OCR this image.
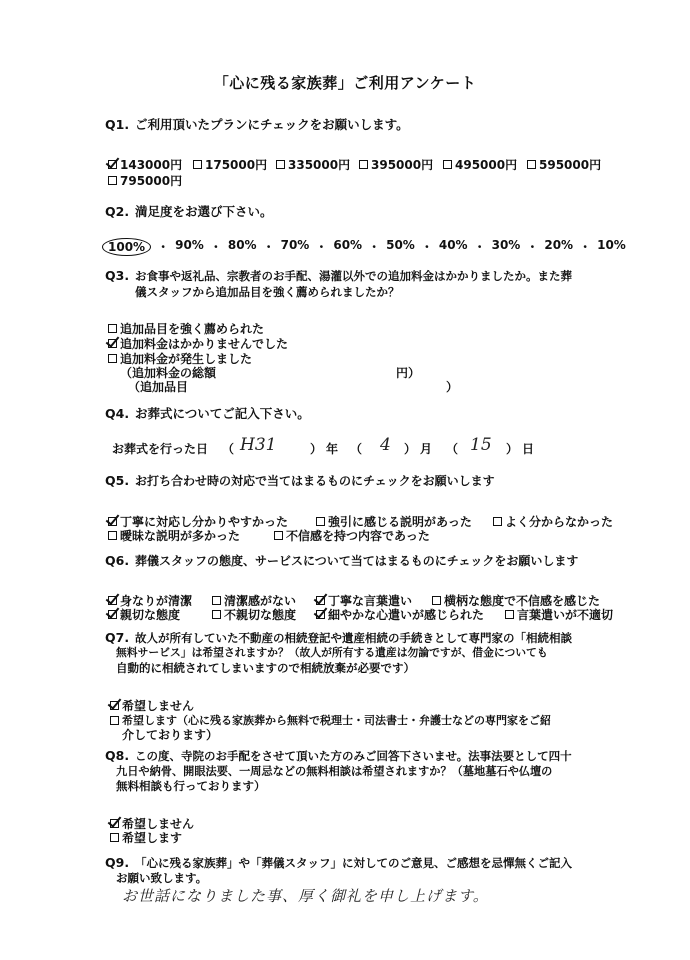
「心に残る家族葬」ご利用アンケート
Q1. ご利用頂いたプランにチェックをお願いします。
143000円 175000円 335000円 395000円 495000円 595000円
795000円
Q2. 満足度をお選び下さい。
100%	・ 90% ・ 80% ・ 70% ・ 60% ・ 50% ・ 40% ・ 30% ・ 20% ・ 10%
Q3. お食事や返礼品、宗教者のお手配、湯灌以外での追加料金はかかりましたか。また葬
儀スタッフから追加品目を強く薦められましたか？
追加品目を強く薦められた
追加料金はかかりませんでした
追加料金が発生しました
（追加料金の総額	円）
（追加品目	）
Q4. お葬式についてご記入下さい。
お葬式を行った日 （ H31	） 年 （ 4 ） 月 （ 15 ） 日
Q5. お打ち合わせ時の対応で当てはまるものにチェックをお願いします
丁寧に対応し分かりやすかった	強引に感じる説明があった	よく分からなかった
曖昧な説明が多かった	不信感を持つ内容であった
Q6. 葬儀スタッフの態度、サービスについて当てはまるものにチェックをお願いします
身なりが清潔	清潔感がない	丁寧な言葉遣い	横柄な態度で不信感を感じた
親切な態度	不親切な態度	細やかな心遣いが感じられた	言葉遣いが不適切
Q7. 故人が所有していた不動産の相続登記や遺産相続の手続きとして専門家の「相続相談
無料サービス」は希望されますか？（故人が所有する遺産は勿論ですが、借金についても
自動的に相続されてしまいますので相続放棄が必要です）
希望しません
希望します（心に残る家族葬から無料で税理士・司法書士・弁護士などの専門家をご紹
介しております）
Q8. この度、寺院のお手配をさせて頂いた方のみご回答下さいませ。法事法要として四十
九日や納骨、開眼法要、一周忌などの無料相談は希望されますか？（墓地墓石や仏壇の
無料相談も行っております）
希望しません
希望します
Q9. 「心に残る家族葬」や「葬儀スタッフ」に対してのご意見、ご感想を忌憚無くご記入
お願い致します。
お世話になりました事、厚く御礼を申し上げます。
